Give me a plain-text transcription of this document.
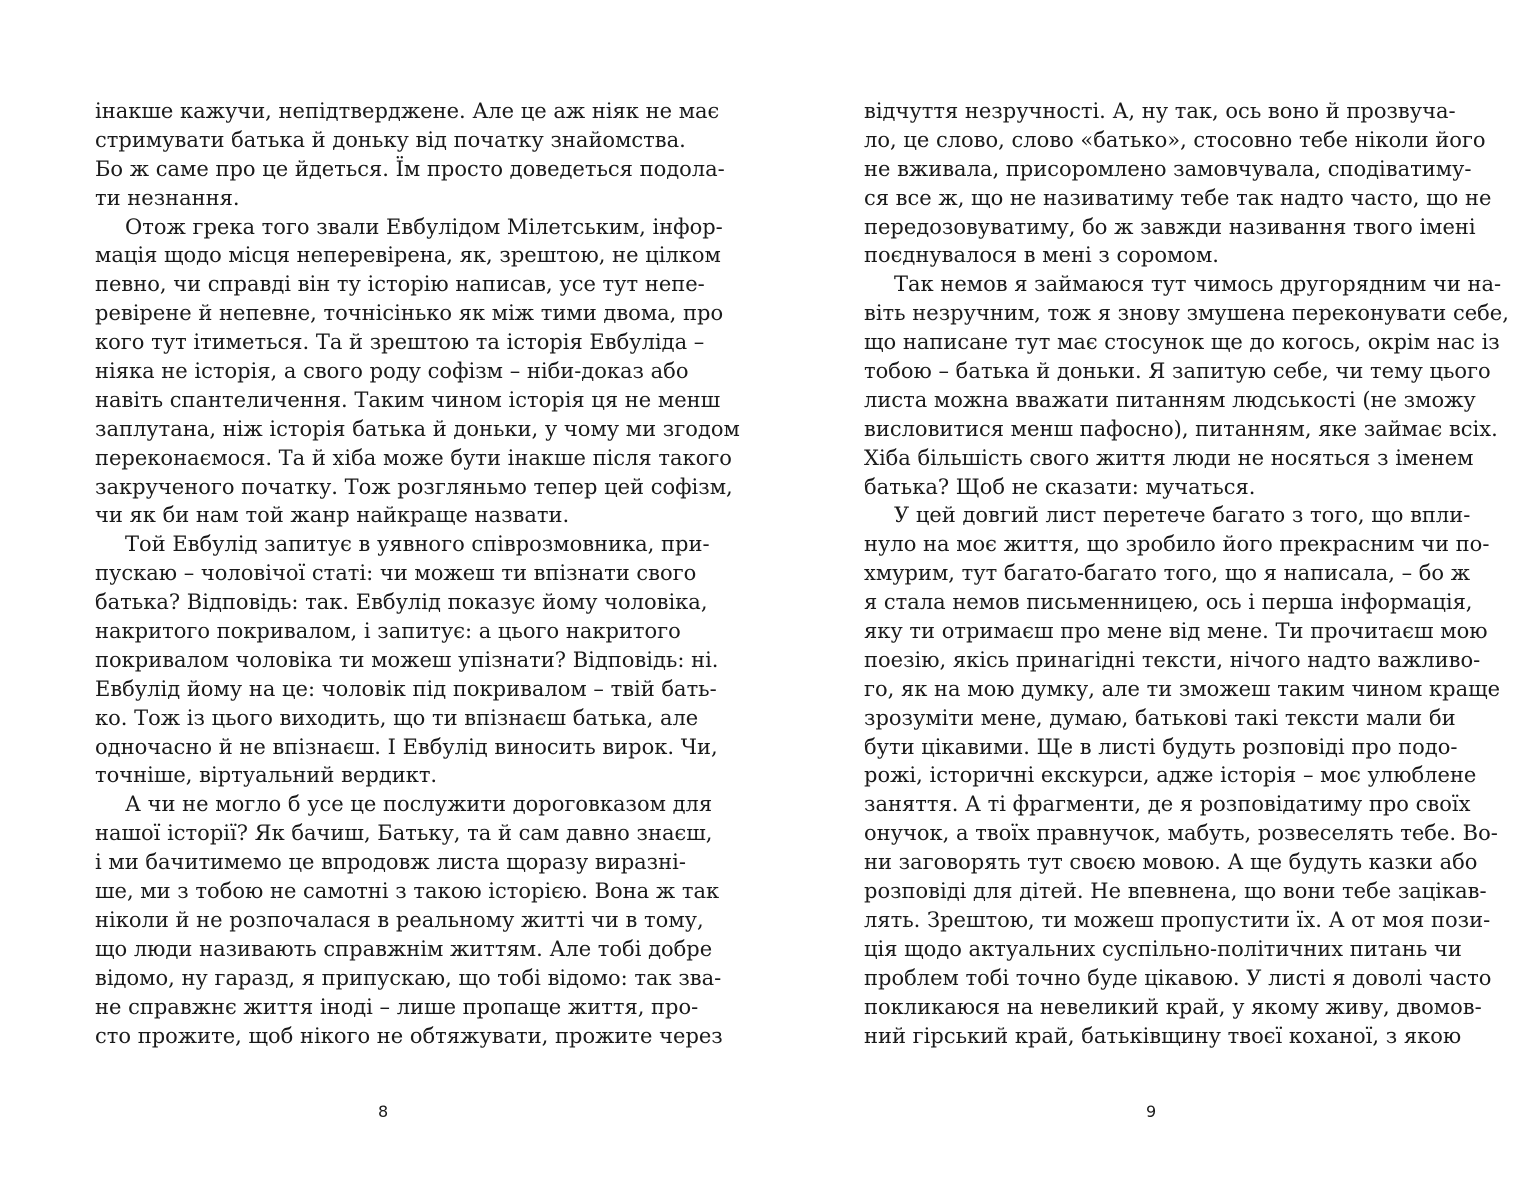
інакше кажучи, непідтверджене. Але це аж ніяк не має
стримувати батька й доньку від початку знайомства.
Бо ж саме про це йдеться. Їм просто доведеться подола-
ти незнання.
Отож грека того звали Евбулідом Мілетським, інфор-
мація щодо місця неперевірена, як, зрештою, не цілком
певно, чи справді він ту історію написав, усе тут непе-
ревірене й непевне, точнісінько як між тими двома, про
кого тут ітиметься. Та й зрештою та історія Евбуліда –
ніяка не історія, а свого роду софізм – ніби-доказ або
навіть спантеличення. Таким чином історія ця не менш
заплутана, ніж історія батька й доньки, у чому ми згодом
переконаємося. Та й хіба може бути інакше після такого
закрученого початку. Тож розгляньмо тепер цей софізм,
чи як би нам той жанр найкраще назвати.
Той Евбулід запитує в уявного співрозмовника, при-
пускаю – чоловічої статі: чи можеш ти впізнати свого
батька? Відповідь: так. Евбулід показує йому чоловіка,
накритого покривалом, і запитує: а цього накритого
покривалом чоловіка ти можеш упізнати? Відповідь: ні.
Евбулід йому на це: чоловік під покривалом – твій бать-
ко. Тож із цього виходить, що ти впізнаєш батька, але
одночасно й не впізнаєш. І Евбулід виносить вирок. Чи,
точніше, віртуальний вердикт.
А чи не могло б усе це послужити дороговказом для
нашої історії? Як бачиш, Батьку, та й сам давно знаєш,
і ми бачитимемо це впродовж листа щоразу виразні-
ше, ми з тобою не самотні з такою історією. Вона ж так
ніколи й не розпочалася в реальному житті чи в тому,
що люди називають справжнім життям. Але тобі добре
відомо, ну гаразд, я припускаю, що тобі відомо: так зва-
не справжнє життя іноді – лише пропаще життя, про-
сто прожите, щоб нікого не обтяжувати, прожите через
8
відчуття незручності. А, ну так, ось воно й прозвуча-
ло, це слово, слово «батько», стосовно тебе ніколи його
не вживала, присоромлено замовчувала, сподіватиму-
ся все ж, що не називатиму тебе так надто часто, що не
передозовуватиму, бо ж завжди називання твого імені
поєднувалося в мені з соромом.
Так немов я займаюся тут чимось другорядним чи на-
віть незручним, тож я знову змушена переконувати себе,
що написане тут має стосунок ще до когось, окрім нас із
тобою – батька й доньки. Я запитую себе, чи тему цього
листа можна вважати питанням людськості (не зможу
висловитися менш пафосно), питанням, яке займає всіх.
Хіба більшість свого життя люди не носяться з іменем
батька? Щоб не сказати: мучаться.
У цей довгий лист перетече багато з того, що впли-
нуло на моє життя, що зробило його прекрасним чи по-
хмурим, тут багато-багато того, що я написала, – бо ж
я стала немов письменницею, ось і перша інформація,
яку ти отримаєш про мене від мене. Ти прочитаєш мою
поезію, якісь принагідні тексти, нічого надто важливо-
го, як на мою думку, але ти зможеш таким чином краще
зрозуміти мене, думаю, батькові такі тексти мали би
бути цікавими. Ще в листі будуть розповіді про подо-
рожі, історичні екскурси, адже історія – моє улюблене
заняття. А ті фрагменти, де я розповідатиму про своїх
онучок, а твоїх правнучок, мабуть, розвеселять тебе. Во-
ни заговорять тут своєю мовою. А ще будуть казки або
розповіді для дітей. Не впевнена, що вони тебе зацікав-
лять. Зрештою, ти можеш пропустити їх. А от моя пози-
ція щодо актуальних суспільно-політичних питань чи
проблем тобі точно буде цікавою. У листі я доволі часто
покликаюся на невеликий край, у якому живу, двомов-
ний гірський край, батьківщину твоєї коханої, з якою
9
